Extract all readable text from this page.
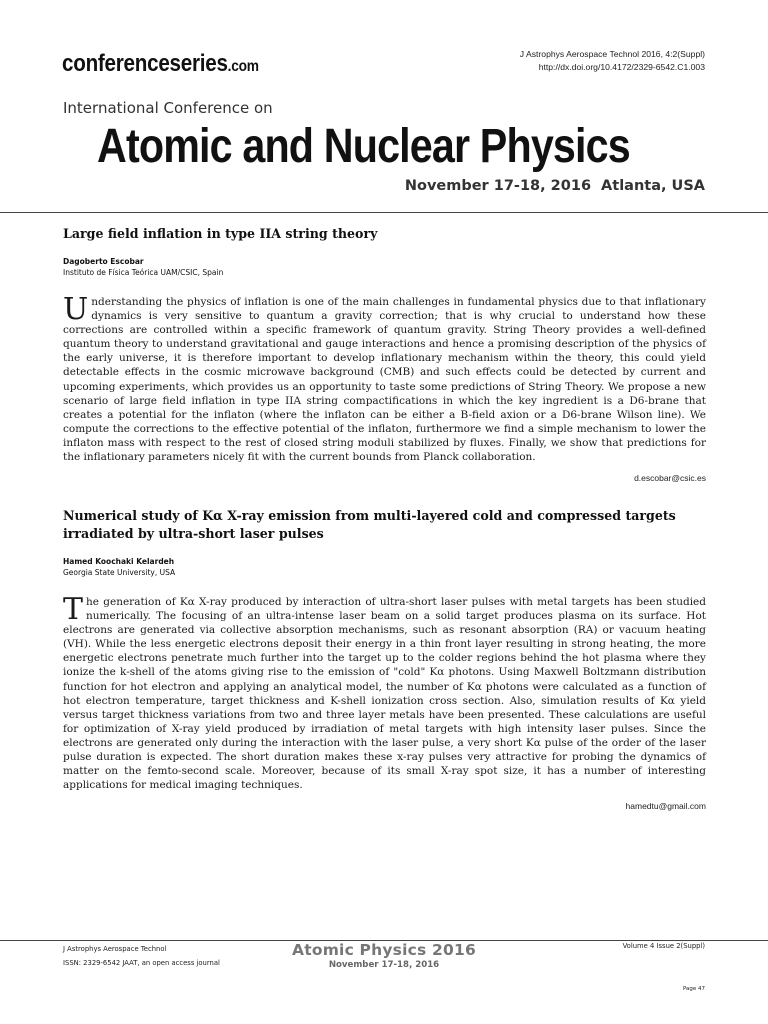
conferenceseries.com
J Astrophys Aerospace Technol 2016, 4:2(Suppl)
http://dx.doi.org/10.4172/2329-6542.C1.003
International Conference on
Atomic and Nuclear Physics
November 17-18, 2016 Atlanta, USA
Large field inflation in type IIA string theory
Dagoberto Escobar
Instituto de Física Teórica UAM/CSIC, Spain
Understanding the physics of inflation is one of the main challenges in fundamental physics due to that inflationary dynamics is very sensitive to quantum a gravity correction; that is why crucial to understand how these corrections are controlled within a specific framework of quantum gravity. String Theory provides a well-defined quantum theory to understand gravitational and gauge interactions and hence a promising description of the physics of the early universe, it is therefore important to develop inflationary mechanism within the theory, this could yield detectable effects in the cosmic microwave background (CMB) and such effects could be detected by current and upcoming experiments, which provides us an opportunity to taste some predictions of String Theory. We propose a new scenario of large field inflation in type IIA string compactifications in which the key ingredient is a D6-brane that creates a potential for the inflaton (where the inflaton can be either a B-field axion or a D6-brane Wilson line). We compute the corrections to the effective potential of the inflaton, furthermore we find a simple mechanism to lower the inflaton mass with respect to the rest of closed string moduli stabilized by fluxes. Finally, we show that predictions for the inflationary parameters nicely fit with the current bounds from Planck collaboration.
d.escobar@csic.es
Numerical study of Kα X-ray emission from multi-layered cold and compressed targets irradiated by ultra-short laser pulses
Hamed Koochaki Kelardeh
Georgia State University, USA
The generation of Kα X-ray produced by interaction of ultra-short laser pulses with metal targets has been studied numerically. The focusing of an ultra-intense laser beam on a solid target produces plasma on its surface. Hot electrons are generated via collective absorption mechanisms, such as resonant absorption (RA) or vacuum heating (VH). While the less energetic electrons deposit their energy in a thin front layer resulting in strong heating, the more energetic electrons penetrate much further into the target up to the colder regions behind the hot plasma where they ionize the k-shell of the atoms giving rise to the emission of "cold" Kα photons. Using Maxwell Boltzmann distribution function for hot electron and applying an analytical model, the number of Kα photons were calculated as a function of hot electron temperature, target thickness and K-shell ionization cross section. Also, simulation results of Kα yield versus target thickness variations from two and three layer metals have been presented. These calculations are useful for optimization of X-ray yield produced by irradiation of metal targets with high intensity laser pulses. Since the electrons are generated only during the interaction with the laser pulse, a very short Kα pulse of the order of the laser pulse duration is expected. The short duration makes these x-ray pulses very attractive for probing the dynamics of matter on the femto-second scale. Moreover, because of its small X-ray spot size, it has a number of interesting applications for medical imaging techniques.
hamedtu@gmail.com
J Astrophys Aerospace Technol
ISSN: 2329-6542 JAAT, an open access journal
Atomic Physics 2016
November 17-18, 2016
Volume 4 Issue 2(Suppl)
Page 47
